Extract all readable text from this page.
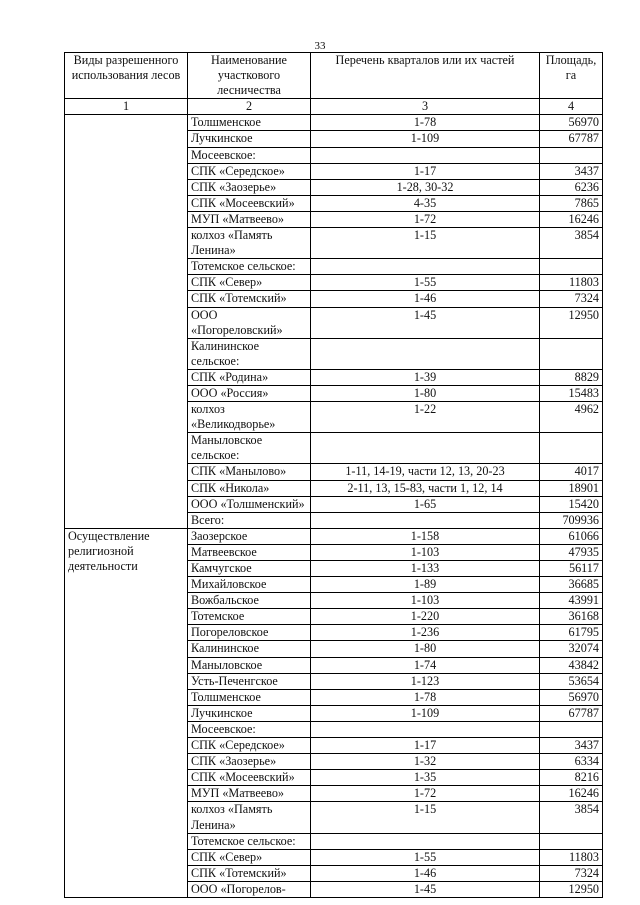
33
Виды разрешенного использования лесов	Наименование участкового лесничества	Перечень кварталов или их частей	Площадь, га
1	2	3	4
	Толшменское	1-78	56970
	Лучкинское	1-109	67787
	Мосеевское:		
	СПК «Середское»	1-17	3437
	СПК «Заозерье»	1-28, 30-32	6236
	СПК «Мосеевский»	4-35	7865
	МУП «Матвеево»	1-72	16246
	колхоз «Память Ленина»	1-15	3854
	Тотемское сельское:		
	СПК «Север»	1-55	11803
	СПК «Тотемский»	1-46	7324
	ООО «Погореловский»	1-45	12950
	Калининское сельское:		
	СПК «Родина»	1-39	8829
	ООО «Россия»	1-80	15483
	колхоз «Великодворье»	1-22	4962
	Маныловское сельское:		
	СПК «Манылово»	1-11, 14-19, части 12, 13, 20-23	4017
	СПК «Никола»	2-11, 13, 15-83, части 1, 12, 14	18901
	ООО «Толшменский»	1-65	15420
	Всего:		709936
Осуществление религиозной деятельности	Заозерское	1-158	61066
	Матвеевское	1-103	47935
	Камчугское	1-133	56117
	Михайловское	1-89	36685
	Вожбальское	1-103	43991
	Тотемское	1-220	36168
	Погореловское	1-236	61795
	Калининское	1-80	32074
	Маныловское	1-74	43842
	Усть-Печенгское	1-123	53654
	Толшменское	1-78	56970
	Лучкинское	1-109	67787
	Мосеевское:		
	СПК «Середское»	1-17	3437
	СПК «Заозерье»	1-32	6334
	СПК «Мосеевский»	1-35	8216
	МУП «Матвеево»	1-72	16246
	колхоз «Память Ленина»	1-15	3854
	Тотемское сельское:		
	СПК «Север»	1-55	11803
	СПК «Тотемский»	1-46	7324
	ООО «Погорелов-	1-45	12950
